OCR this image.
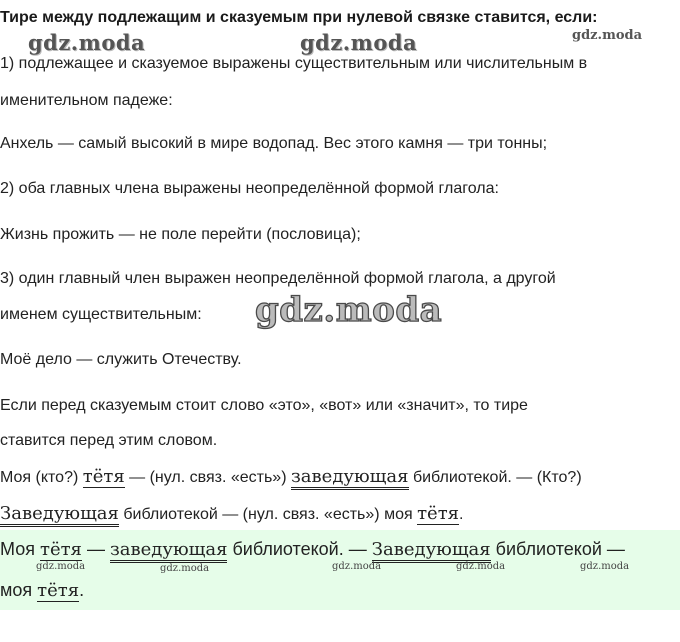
Тире между подлежащим и сказуемым при нулевой связке ставится, если:
gdz.moda	gdz.moda	gdz.moda
1) подлежащее и сказуемое выражены существительным или числительным в
именительном падеже:
Анхель — самый высокий в мире водопад. Вес этого камня — три тонны;
2) оба главных члена выражены неопределённой формой глагола:
Жизнь прожить — не поле перейти (пословица);
3) один главный член выражен неопределённой формой глагола, а другой
именем существительным: gdz.moda
Моё дело — служить Отечеству.
Если перед сказуемым стоит слово «это», «вот» или «значит», то тире
ставится перед этим словом.
Моя (кто?) тётя — (нул. связ. «есть») заведующая библиотекой. — (Кто?)
Заведующая библиотекой — (нул. связ. «есть») моя тётя.
Моя тётя — заведующая библиотекой. — Заведующая библиотекой —
gdz.moda	gdz.moda	gdz.moda	gdz.moda	gdz.moda
моя тётя.
